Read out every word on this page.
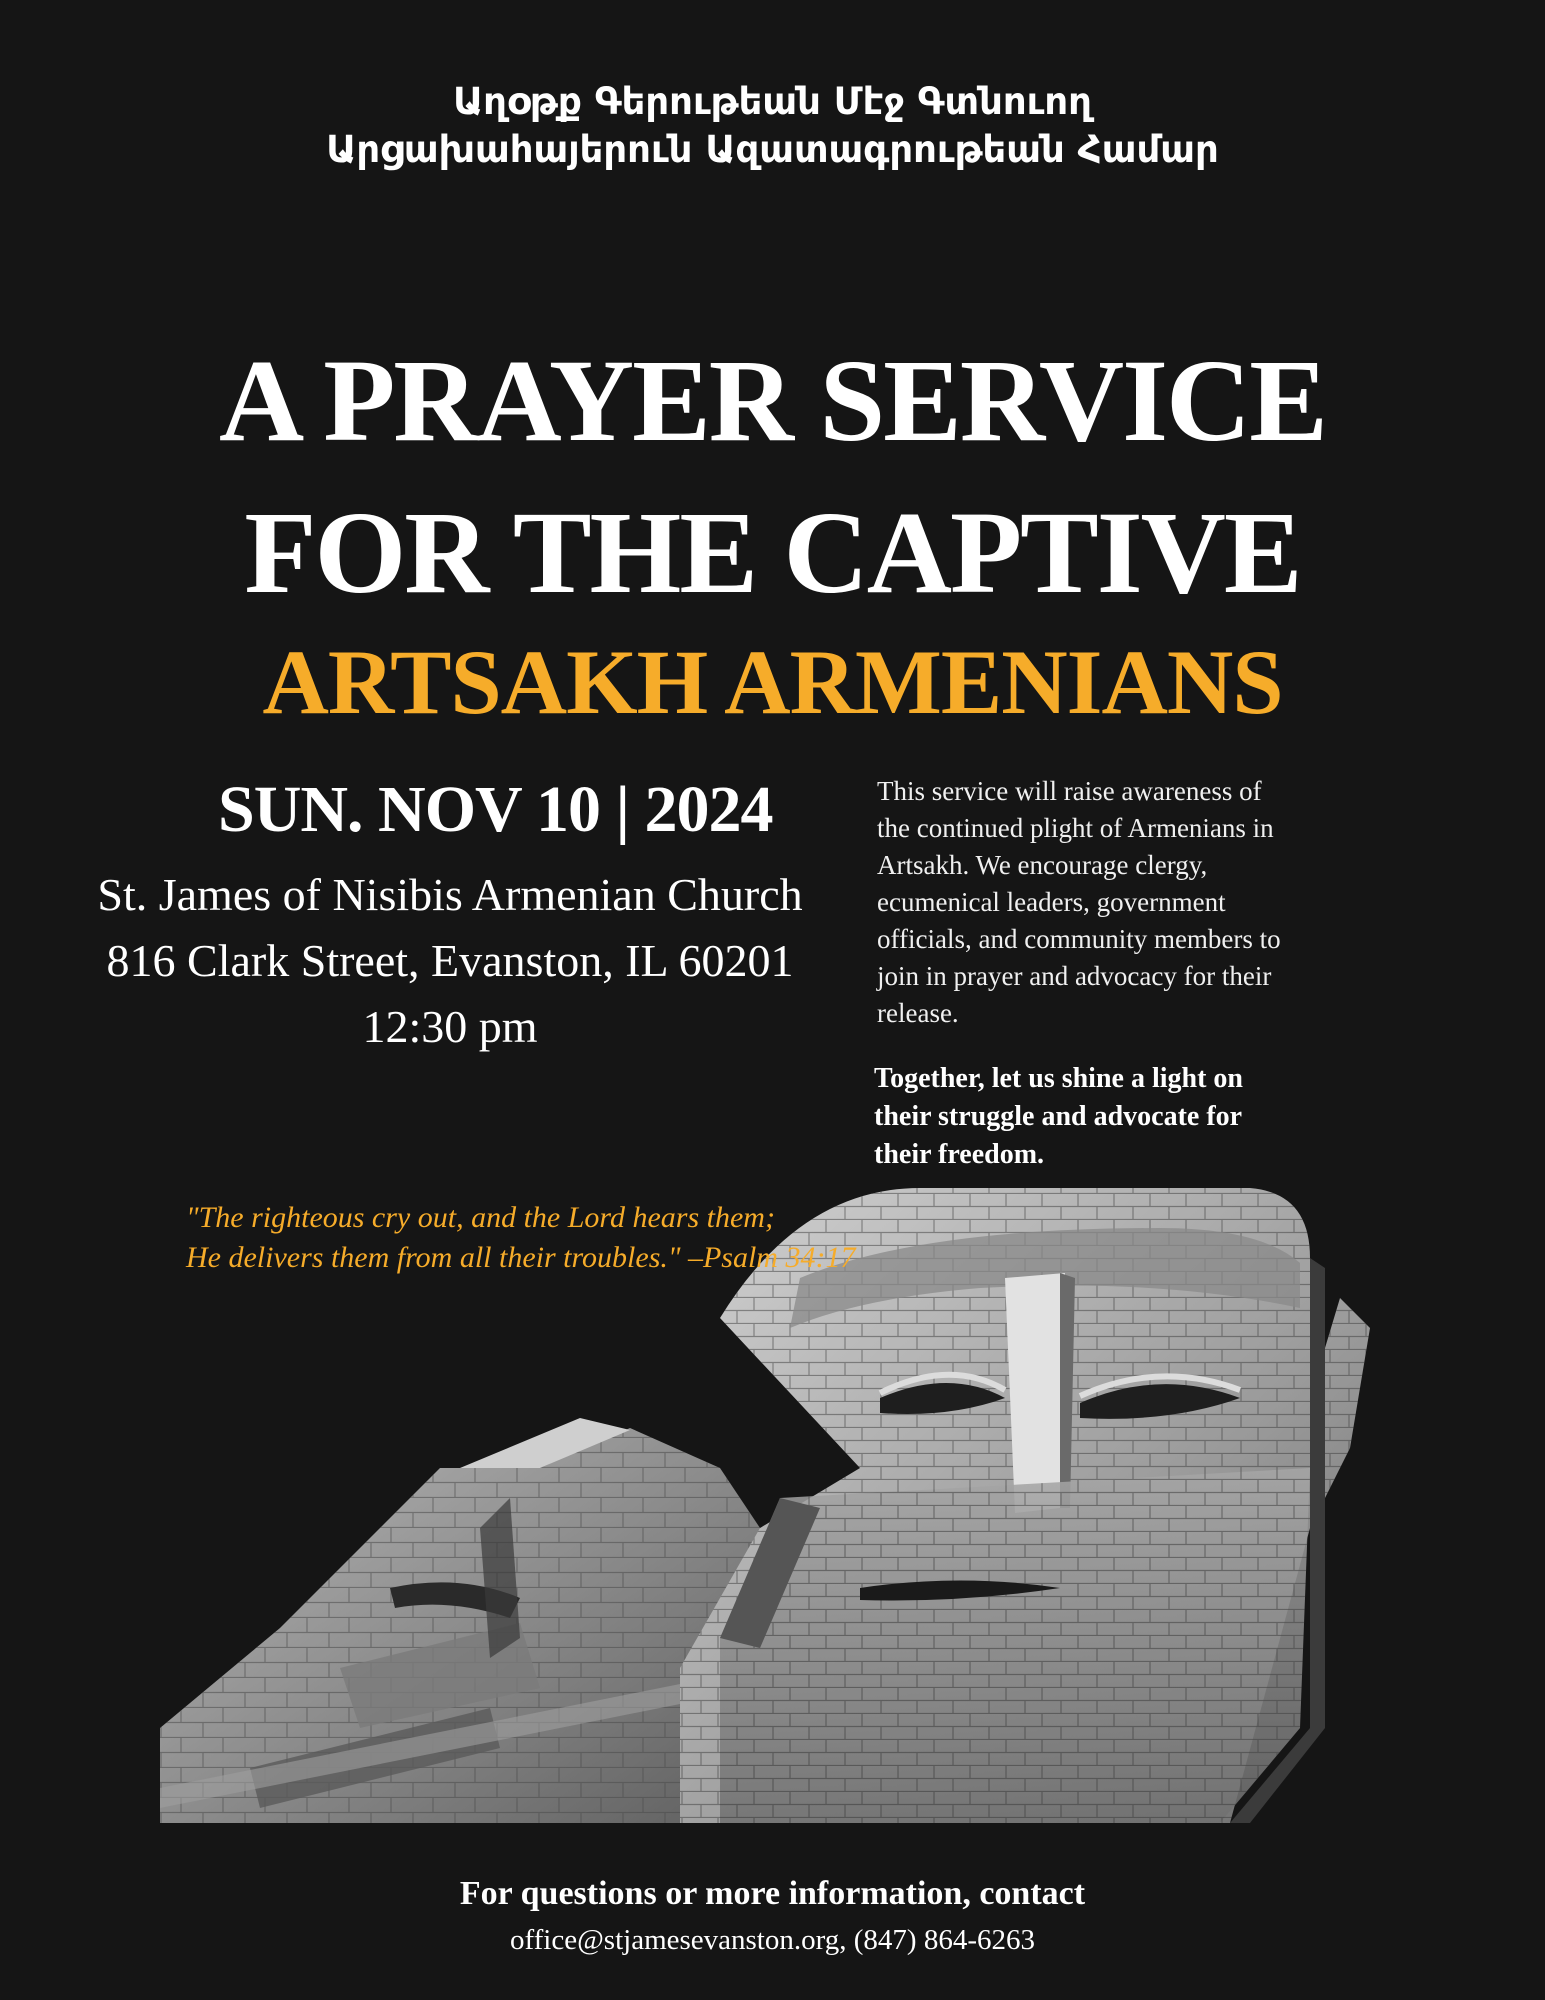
Աղօթք Գերութեան Մէջ Գտնուող
Արցախահայերուն Ազատագրութեան Համար
A PRAYER SERVICE
FOR THE CAPTIVE
ARTSAKH ARMENIANS
SUN. NOV 10 | 2024
St. James of Nisibis Armenian Church
816 Clark Street, Evanston, IL 60201
12:30 pm
This service will raise awareness of the continued plight of Armenians in Artsakh. We encourage clergy, ecumenical leaders, government officials, and community members to join in prayer and advocacy for their release.
Together, let us shine a light on their struggle and advocate for their freedom.
"The righteous cry out, and the Lord hears them;
He delivers them from all their troubles." –Psalm 34:17
For questions or more information, contact
office@stjamesevanston.org, (847) 864-6263
